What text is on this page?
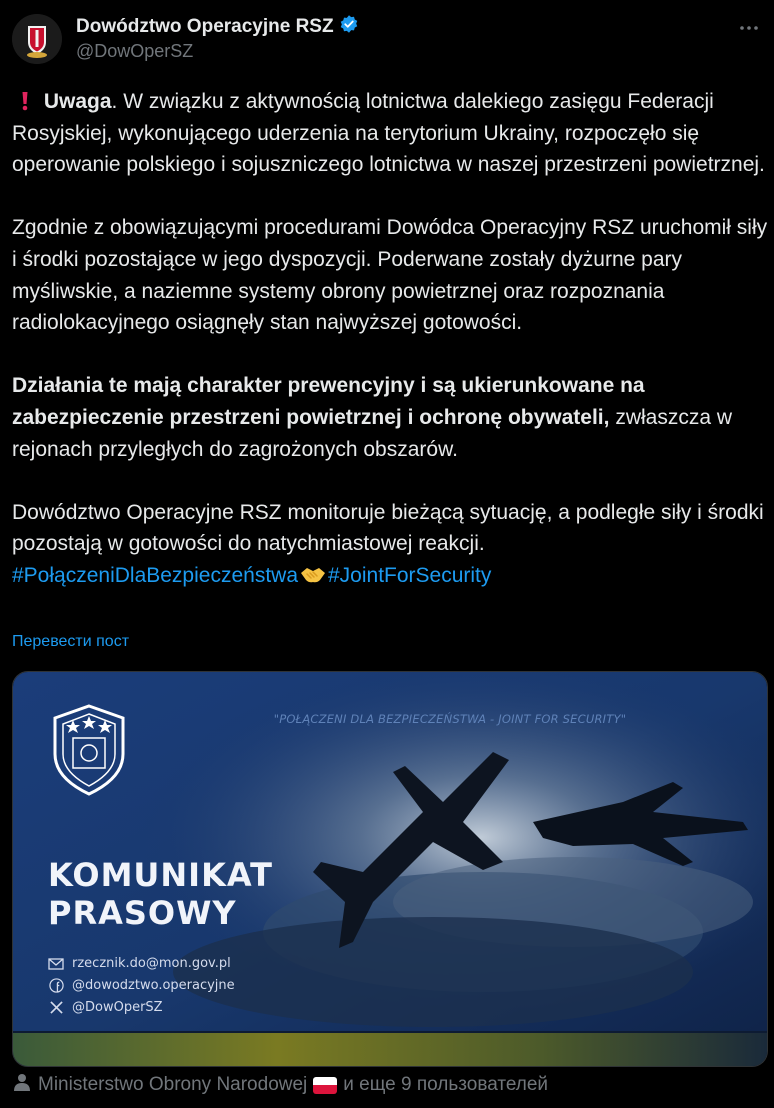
Dowództwo Operacyjne RSZ
@DowOperSZ

Uwaga. W związku z aktywnością lotnictwa dalekiego zasięgu Federacji Rosyjskiej, wykonującego uderzenia na terytorium Ukrainy, rozpoczęło się operowanie polskiego i sojuszniczego lotnictwa w naszej przestrzeni powietrznej.

Zgodnie z obowiązującymi procedurami Dowódca Operacyjny RSZ uruchomił siły i środki pozostające w jego dyspozycji. Poderwane zostały dyżurne pary myśliwskie, a naziemne systemy obrony powietrznej oraz rozpoznania radiolokacyjnego osiągnęły stan najwyższej gotowości.

Działania te mają charakter prewencyjny i są ukierunkowane na zabezpieczenie przestrzeni powietrznej i ochronę obywateli, zwłaszcza w rejonach przyległych do zagrożonych obszarów.

Dowództwo Operacyjne RSZ monitoruje bieżącą sytuację, a podległe siły i środki pozostają w gotowości do natychmiastowej reakcji.
#PołączeniDlaBezpieczeństwa #JointForSecurity

Перевести пост
"POŁĄCZENI DLA BEZPIECZEŃSTWA - JOINT FOR SECURITY"
KOMUNIKAT
PRASOWY
rzecznik.do@mon.gov.pl
@dowodztwo.operacyjne
@DowOperSZ
Ministerstwo Obrony Narodowej и еще 9 пользователей
